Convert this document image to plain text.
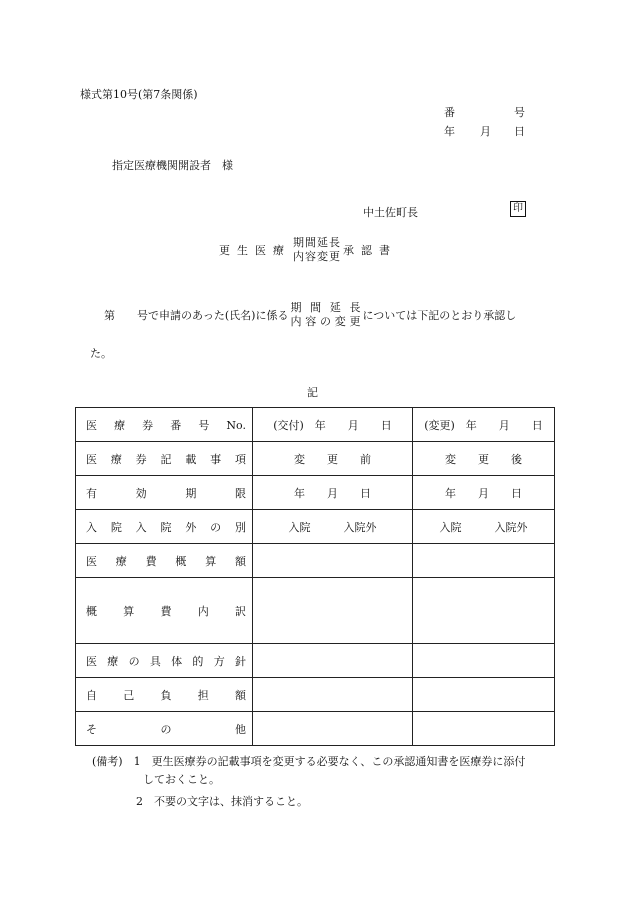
様式第10号(第7条関係)
番	号
年 月 日
指定医療機関開設者　様
中土佐町長	印
更生医療
期間延長
内容変更 承認書
第　　号で申請のあった(氏名)に係る
期間延長
内容の変更 については下記のとおり承認し
た。
記
医療券番号No.	(交付)　年　　月　　日	(変更)　年　　月　　日

医療券記載事項	変　　更　　前	変　　更　　後

有効期限	年　　月　　日	年　　月　　日

入院入院外の別	入院　　　入院外	入院　　　入院外

医療費概算額		

概算費内訳		

医療の具体的方針		

自己負担額		

その他		

(備考)　1　更生医療券の記載事項を変更する必要なく、この承認通知書を医療券に添付
しておくこと。
2　不要の文字は、抹消すること。
